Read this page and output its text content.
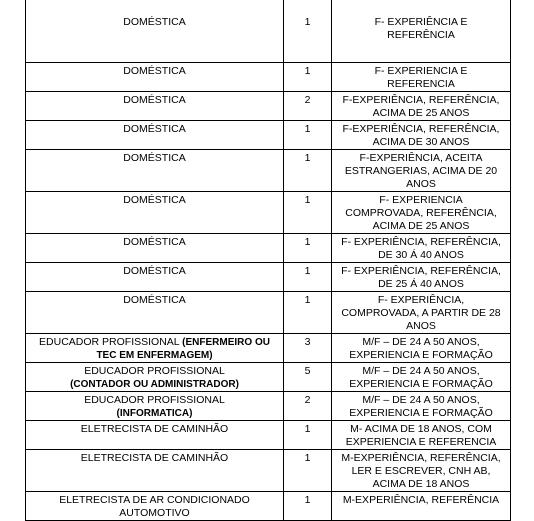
DOMÉSTICA	1	F- EXPERIÊNCIA E
REFERÊNCIA
DOMÉSTICA	1	F- EXPERIENCIA E
REFERENCIA
DOMÉSTICA	2	F-EXPERIÊNCIA, REFERÊNCIA,
ACIMA DE 25 ANOS
DOMÉSTICA	1	F-EXPERIÊNCIA, REFERÊNCIA,
ACIMA DE 30 ANOS
DOMÉSTICA	1	F-EXPERIÊNCIA, ACEITA
ESTRANGERIAS, ACIMA DE 20
ANOS
DOMÉSTICA	1	F- EXPERIENCIA
COMPROVADA, REFERÊNCIA,
ACIMA DE 25 ANOS
DOMÉSTICA	1	F- EXPERIÊNCIA, REFERÊNCIA,
DE 30 Á 40 ANOS
DOMÉSTICA	1	F- EXPERIÊNCIA, REFERÊNCIA,
DE 25 Á 40 ANOS
DOMÉSTICA	1	F- EXPERIÊNCIA,
COMPROVADA, A PARTIR DE 28
ANOS
EDUCADOR PROFISSIONAL (ENFERMEIRO OU
TEC EM ENFERMAGEM)	3	M/F – DE 24 A 50 ANOS,
EXPERIENCIA E FORMAÇÃO
EDUCADOR PROFISSIONAL
(CONTADOR OU ADMINISTRADOR)	5	M/F – DE 24 A 50 ANOS,
EXPERIENCIA E FORMAÇÃO
EDUCADOR PROFISSIONAL
(INFORMATICA)	2	M/F – DE 24 A 50 ANOS,
EXPERIENCIA E FORMAÇÃO
ELETRECISTA DE CAMINHÃO	1	M- ACIMA DE 18 ANOS, COM
EXPERIENCIA E REFERENCIA
ELETRECISTA DE CAMINHÃO	1	M-EXPERIÊNCIA, REFERÊNCIA,
LER E ESCREVER, CNH AB,
ACIMA DE 18 ANOS
ELETRECISTA DE AR CONDICIONADO AUTOMOTIVO	1	M-EXPERIÊNCIA, REFERÊNCIA
